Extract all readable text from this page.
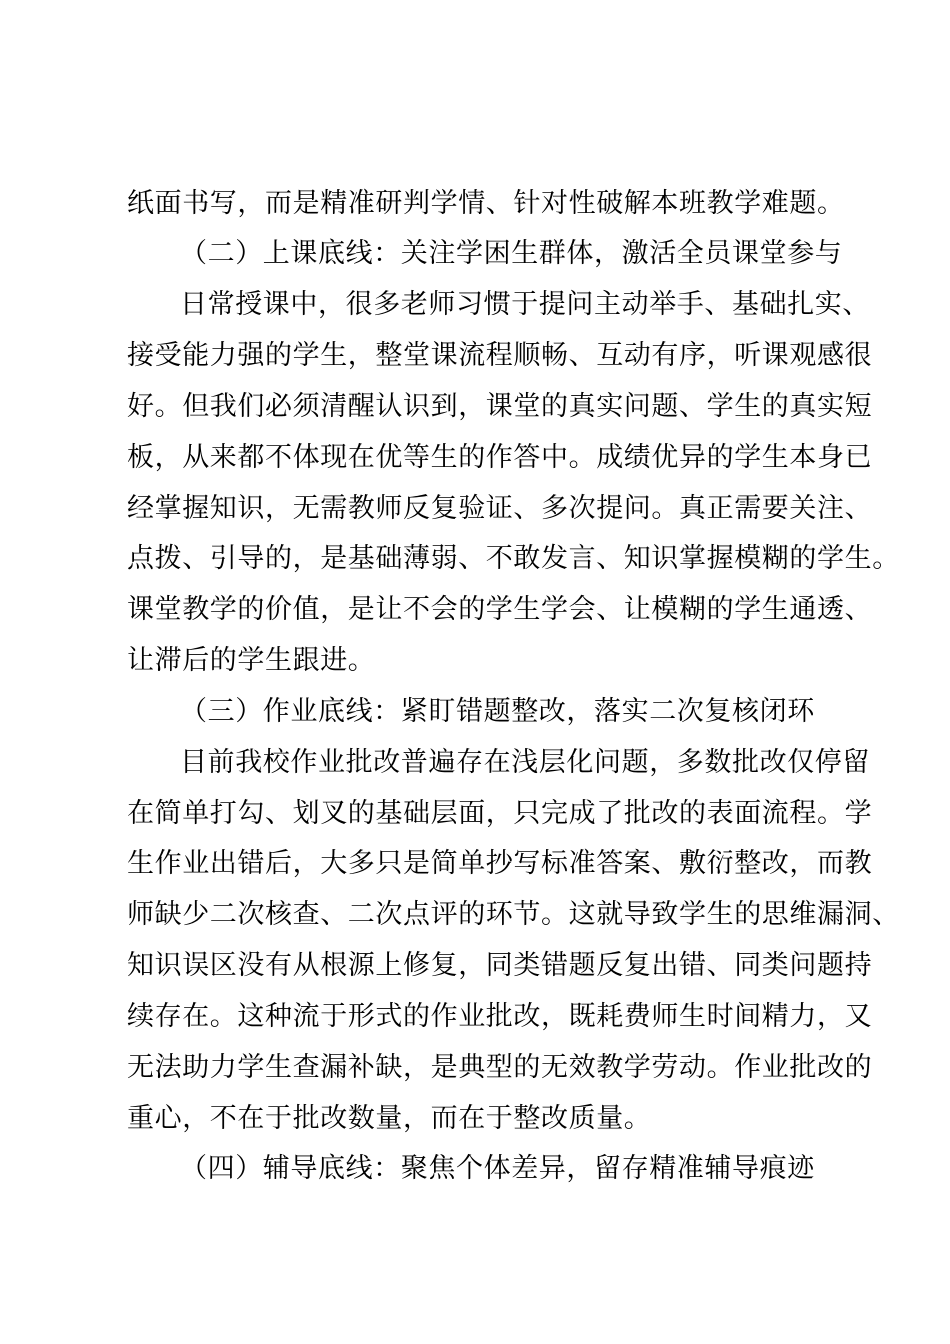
纸面书写，而是精准研判学情、针对性破解本班教学难题。
（二）上课底线：关注学困生群体，激活全员课堂参与
日常授课中，很多老师习惯于提问主动举手、基础扎实、
接受能力强的学生，整堂课流程顺畅、互动有序，听课观感很
好。但我们必须清醒认识到，课堂的真实问题、学生的真实短
板，从来都不体现在优等生的作答中。成绩优异的学生本身已
经掌握知识，无需教师反复验证、多次提问。真正需要关注、
点拨、引导的，是基础薄弱、不敢发言、知识掌握模糊的学生。
课堂教学的价值，是让不会的学生学会、让模糊的学生通透、
让滞后的学生跟进。
（三）作业底线：紧盯错题整改，落实二次复核闭环
目前我校作业批改普遍存在浅层化问题，多数批改仅停留
在简单打勾、划叉的基础层面，只完成了批改的表面流程。学
生作业出错后，大多只是简单抄写标准答案、敷衍整改，而教
师缺少二次核查、二次点评的环节。这就导致学生的思维漏洞、
知识误区没有从根源上修复，同类错题反复出错、同类问题持
续存在。这种流于形式的作业批改，既耗费师生时间精力，又
无法助力学生查漏补缺，是典型的无效教学劳动。作业批改的
重心，不在于批改数量，而在于整改质量。
（四）辅导底线：聚焦个体差异，留存精准辅导痕迹
